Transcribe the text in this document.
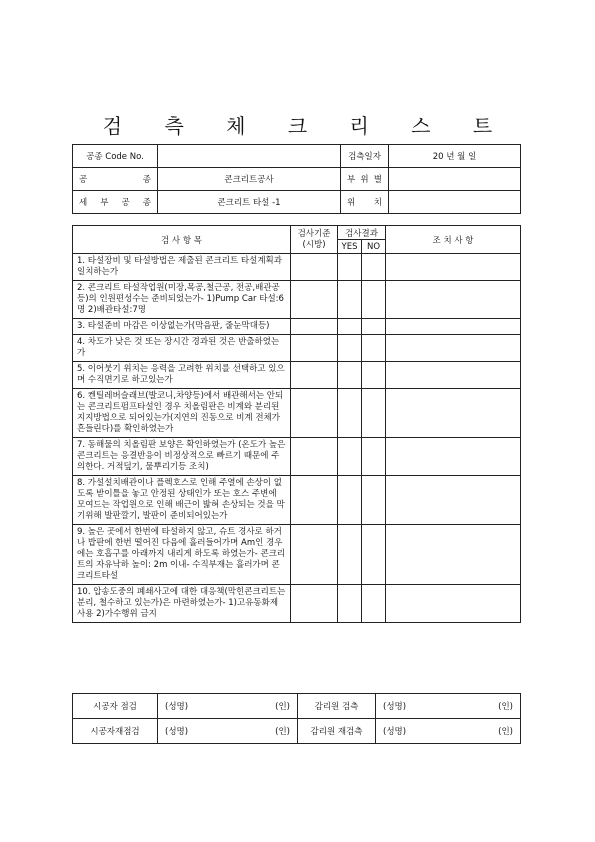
검 측 체 크 리 스 트
공종 Code No.		검측일자	20 년 월 일
공 종	콘크리트공사	부 위 별	
세 부 공 종	콘크리트 타설 -1	위 치	
검 사 항 목	검사기준 (시방)	검사결과		조 치 사 항
		YES	NO	
1. 타설장비 및 타설방법은 제출된 콘크리트 타설계획과 일치하는가				
2. 콘크리트 타설작업원(미장,목공,철근공, 전공,배관공 등)의 인원편성수는 준비되었는가- 1)Pump Car 타설:6명 2)배관타설:7명				
3. 타설준비 마감은 이상없는가(막음판, 줄눈막대등)				
4. 차도가 낮은 것 또는 장시간 경과된 것은 반출하였는가				
5. 이어붓기 위치는 응력을 고려한 위치를 선택하고 있으며 수직면기로 하고있는가				
6. 켄틸레버슬래브(발코니,차양등)에서 배관해서는 안되는 콘크리트펌프타설인 경우 치올림판은 비계와 분리된 지지방법으로 되어있는가(지연의 진동으로 비계 전체가 흔들린다)를 확인하였는가				
7. 동해물의 치올림판 보양은 확인하였는가 (온도가 높은 콘크리트는 응결반응이 비정상적으로 빠르기 때문에 주의한다. 거적덮기, 물뿌리기등 조치)				
8. 가설설치배관이나 플렉호스로 인해 주열에 손상이 없도록 받이틀을 놓고 안정된 상태인가 또는 호스 주변에 모여드는 작업원으로 인해 배근이 밟혀 손상되는 것을 막기위해 발판깔기, 발판이 준비되어있는가				
9. 높은 곳에서 한번에 타설하지 않고, 슈트 경사로 하거나 밥판에 한번 떨어진 다음에 흘러들어가며 Am인 경우에는 호흡구를 아래까지 내리게 하도록 하였는가- 콘크리트의 자유낙하 높이: 2m 이내- 수직부재는 흘러가며 콘크리트타설				
10. 압송도중의 폐쇄사고에 대한 대응책(막힌콘크리트는 분리, 철수하고 있는가)은 마련하였는가- 1)고유동화제 사용 2)가수행위 금지				
시공자 점검	(성명) (인)	감리원 검측	(성명) (인)

시공자재점검	(성명) (인)	감리원 재검측	(성명) (인)
